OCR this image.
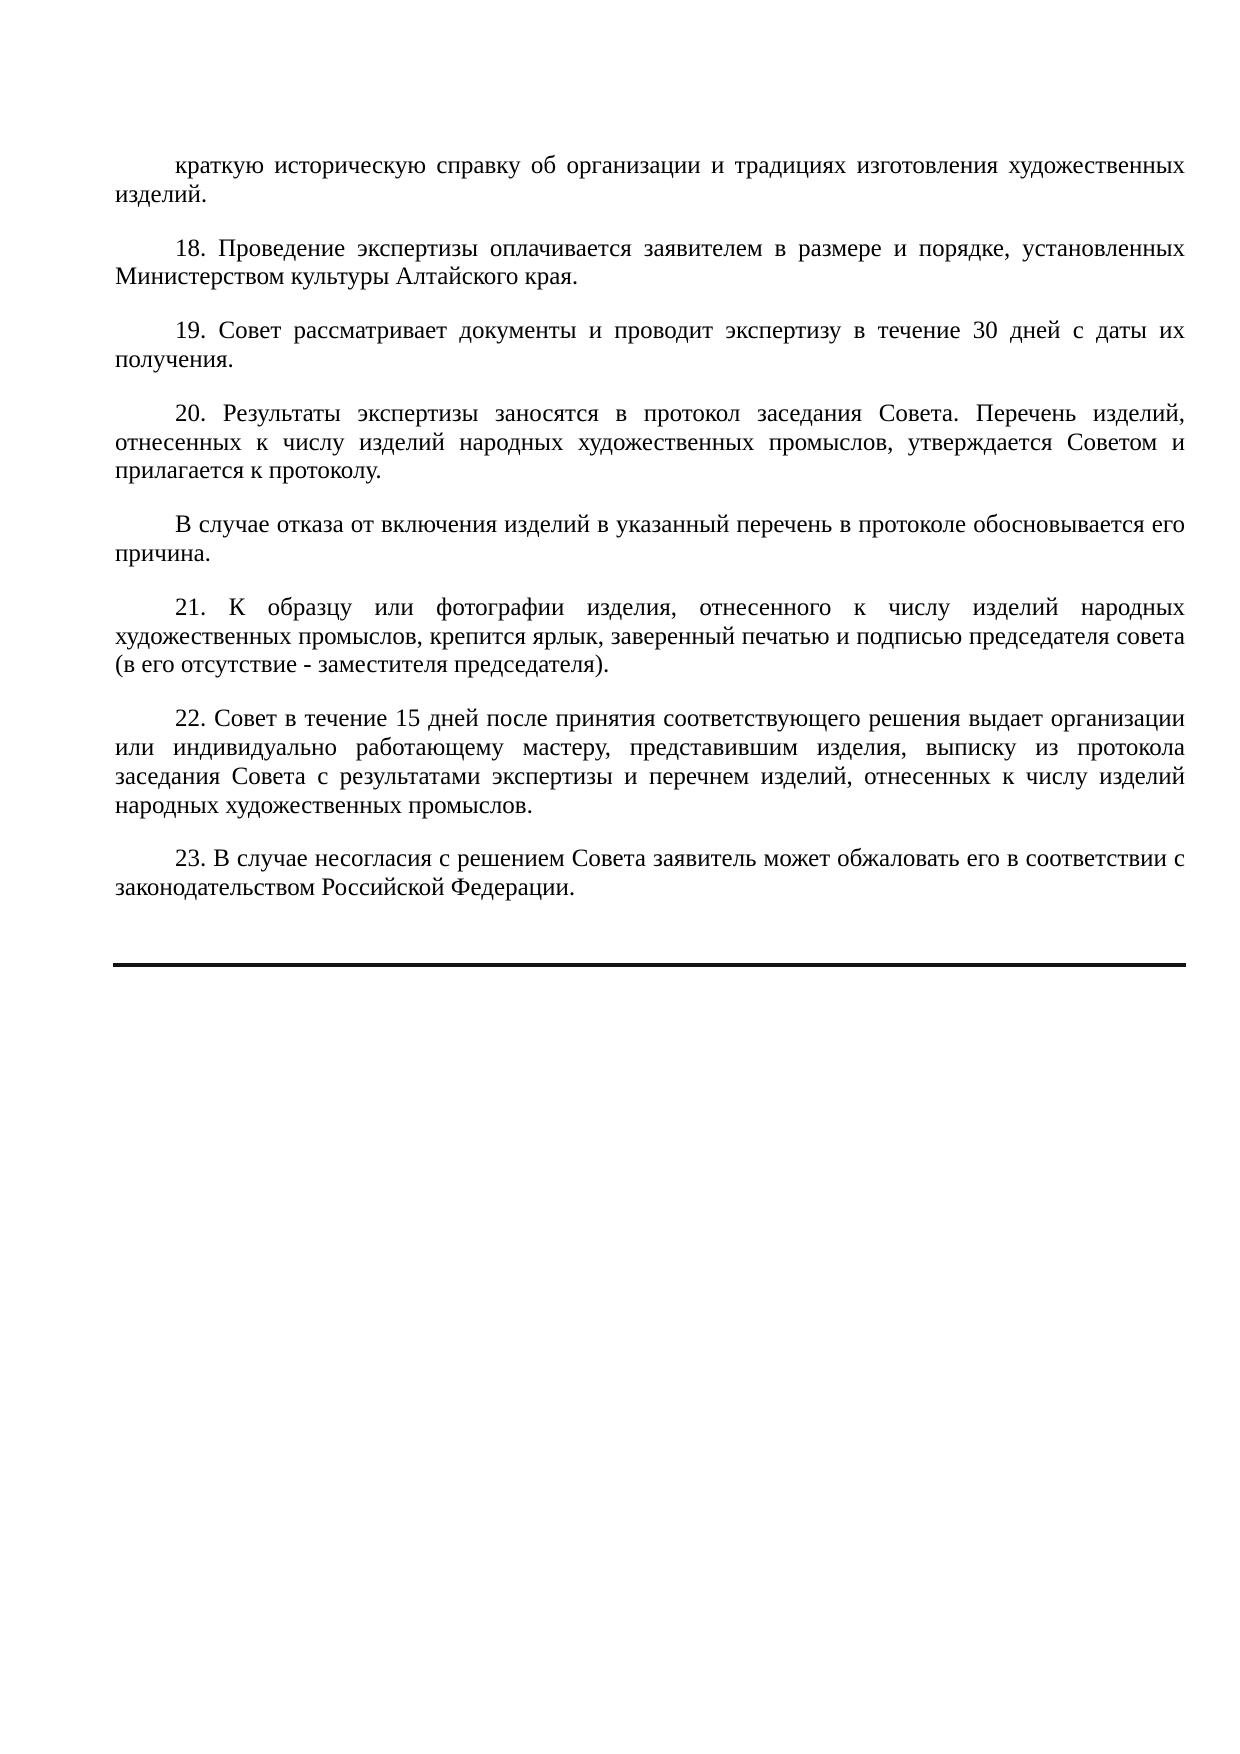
краткую историческую справку об организации и традициях изготовления художественных изделий.

18. Проведение экспертизы оплачивается заявителем в размере и порядке, установленных Министерством культуры Алтайского края.

19. Совет рассматривает документы и проводит экспертизу в течение 30 дней с даты их получения.

20. Результаты экспертизы заносятся в протокол заседания Совета. Перечень изделий, отнесенных к числу изделий народных художественных промыслов, утверждается Советом и прилагается к протоколу.

В случае отказа от включения изделий в указанный перечень в протоколе обосновывается его причина.

21. К образцу или фотографии изделия, отнесенного к числу изделий народных художественных промыслов, крепится ярлык, заверенный печатью и подписью председателя совета (в его отсутствие - заместителя председателя).

22. Совет в течение 15 дней после принятия соответствующего решения выдает организации или индивидуально работающему мастеру, представившим изделия, выписку из протокола заседания Совета с результатами экспертизы и перечнем изделий, отнесенных к числу изделий народных художественных промыслов.

23. В случае несогласия с решением Совета заявитель может обжаловать его в соответствии с законодательством Российской Федерации.
